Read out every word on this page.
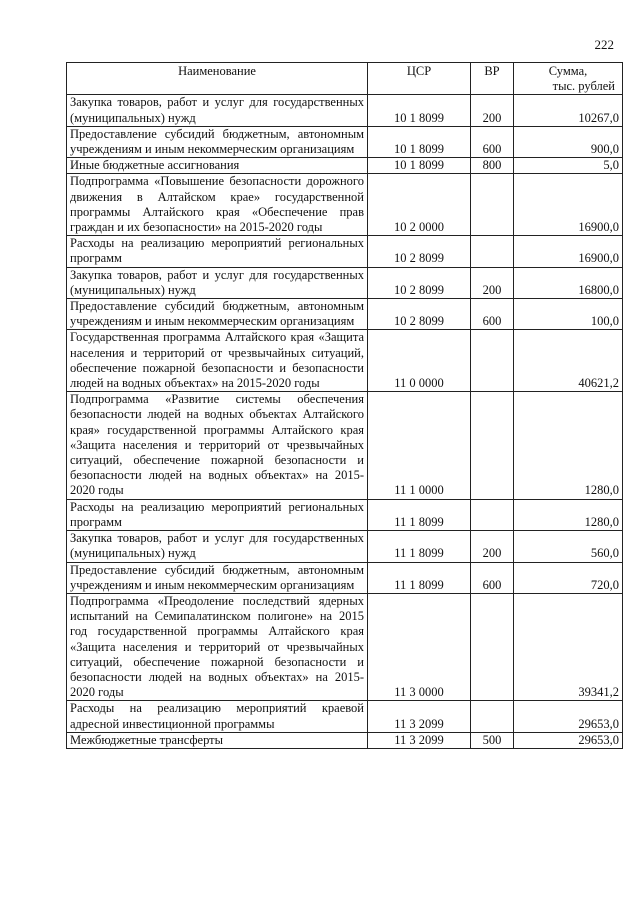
222
Наименование	ЦСР	ВР	Сумма,
тыс. рублей

Закупка товаров, работ и услуг для государственных (муниципальных) нужд	10 1 8099	200	10267,0
Предоставление субсидий бюджетным, автономным учреждениям и иным некоммерческим организациям	10 1 8099	600	900,0
Иные бюджетные ассигнования	10 1 8099	800	5,0
Подпрограмма «Повышение безопасности дорожного движения в Алтайском крае» государственной программы Алтайского края «Обеспечение прав граждан и их безопасности» на 2015-2020 годы	10 2 0000		16900,0
Расходы на реализацию мероприятий региональных программ	10 2 8099		16900,0
Закупка товаров, работ и услуг для государственных (муниципальных) нужд	10 2 8099	200	16800,0
Предоставление субсидий бюджетным, автономным учреждениям и иным некоммерческим организациям	10 2 8099	600	100,0
Государственная программа Алтайского края «Защита населения и территорий от чрезвычайных ситуаций, обеспечение пожарной безопасности и безопасности людей на водных объектах» на 2015-2020 годы	11 0 0000		40621,2
Подпрограмма «Развитие системы обеспечения безопасности людей на водных объектах Алтайского края» государственной программы Алтайского края «Защита населения и территорий от чрезвычайных ситуаций, обеспечение пожарной безопасности и безопасности людей на водных объектах» на 2015-2020 годы	11 1 0000		1280,0
Расходы на реализацию мероприятий региональных программ	11 1 8099		1280,0
Закупка товаров, работ и услуг для государственных (муниципальных) нужд	11 1 8099	200	560,0
Предоставление субсидий бюджетным, автономным учреждениям и иным некоммерческим организациям	11 1 8099	600	720,0
Подпрограмма «Преодоление последствий ядерных испытаний на Семипалатинском полигоне» на 2015 год государственной программы Алтайского края «Защита населения и территорий от чрезвычайных ситуаций, обеспечение пожарной безопасности и безопасности людей на водных объектах» на 2015-2020 годы	11 3 0000		39341,2
Расходы на реализацию мероприятий краевой адресной инвестиционной программы	11 3 2099		29653,0
Межбюджетные трансферты	11 3 2099	500	29653,0
